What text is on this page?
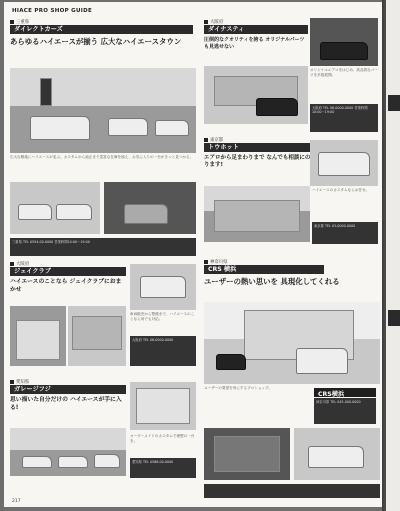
HIACE PRO SHOP GUIDE
三重県
ダイレクトカーズ
あらゆるハイエースが揃う 広大なハイエースタウン
広大な敷地にハイエースが並ぶ。カスタムから純正まで豊富な在庫を揃え、お気に入りの一台がきっと見つかる。
三重県 TEL 0594-00-0000 営業時間10:00〜19:00
大阪府
ダイナスティ
圧倒的なクオリティを誇る オリジナルパーツも見逃せない
オリジナルエアロをはじめ、高品質なパーツを多数展開。
大阪府 TEL 06-0000-0000 営業時間10:00〜19:00
東京都
トウホット
エアロから足まわりまで なんでも相談にのります!
ハイエースのカスタムならお任せ。
東京都 TEL 03-0000-0000
大阪府
ジェイクラブ
ハイエースのことなら ジェイクラブにおまかせ
車両販売から整備まで、ハイエースのことなら何でも対応。
大阪府 TEL 06-0000-0000
神奈川県
CRS 横浜
ユーザーの熱い思いを 具現化してくれる
ユーザーの要望を形にするプロショップ。
CRS横浜
神奈川県 TEL 045-000-0000
愛知県
ガレージフジ
思い描いた自分だけの ハイエースが手に入る!
オーダーメイドのカスタムで理想の一台を。
愛知県 TEL 0566-00-0000
217
